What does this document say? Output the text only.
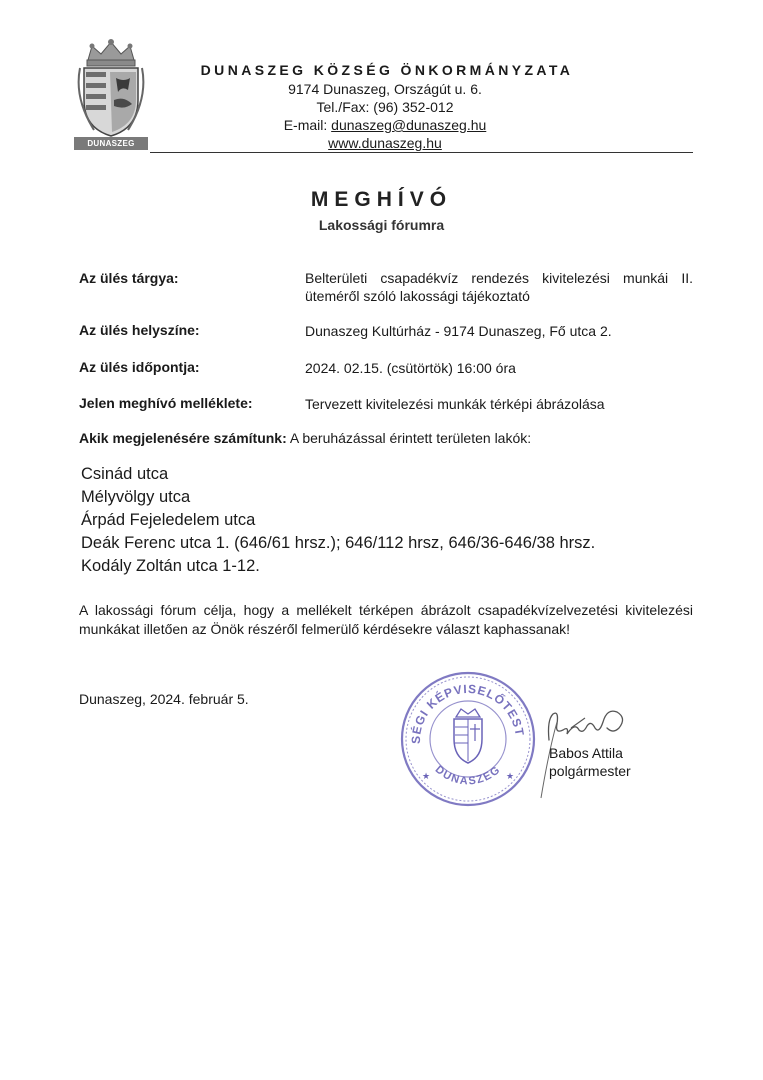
DUNASZEG
DUNASZEG KÖZSÉG ÖNKORMÁNYZATA
9174 Dunaszeg, Országút u. 6.
Tel./Fax: (96) 352-012
E-mail: dunaszeg@dunaszeg.hu
www.dunaszeg.hu
MEGHÍVÓ
Lakossági fórumra
Az ülés tárgya:	Belterületi csapadékvíz rendezés kivitelezési munkái II. üteméről szóló lakossági tájékoztató
Az ülés helyszíne:	Dunaszeg Kultúrház - 9174 Dunaszeg, Fő utca 2.
Az ülés időpontja:	2024. 02.15. (csütörtök) 16:00 óra
Jelen meghívó melléklete:	Tervezett kivitelezési munkák térképi ábrázolása
Akik megjelenésére számítunk: A beruházással érintett területen lakók:
Csinád utca
Mélyvölgy utca
Árpád Fejeledelem utca
Deák Ferenc utca 1. (646/61 hrsz.); 646/112 hrsz, 646/36-646/38 hrsz.
Kodály Zoltán utca 1-12.
A lakossági fórum célja, hogy a mellékelt térképen ábrázolt csapadékvízelvezetési kivitelezési munkákat illetően az Önök részéről felmerülő kérdésekre választ kaphassanak!
Dunaszeg, 2024. február 5.
SÉGI KÉPVISELŐTEST
DUNASZEG
★	★
Babos Attila
polgármester
